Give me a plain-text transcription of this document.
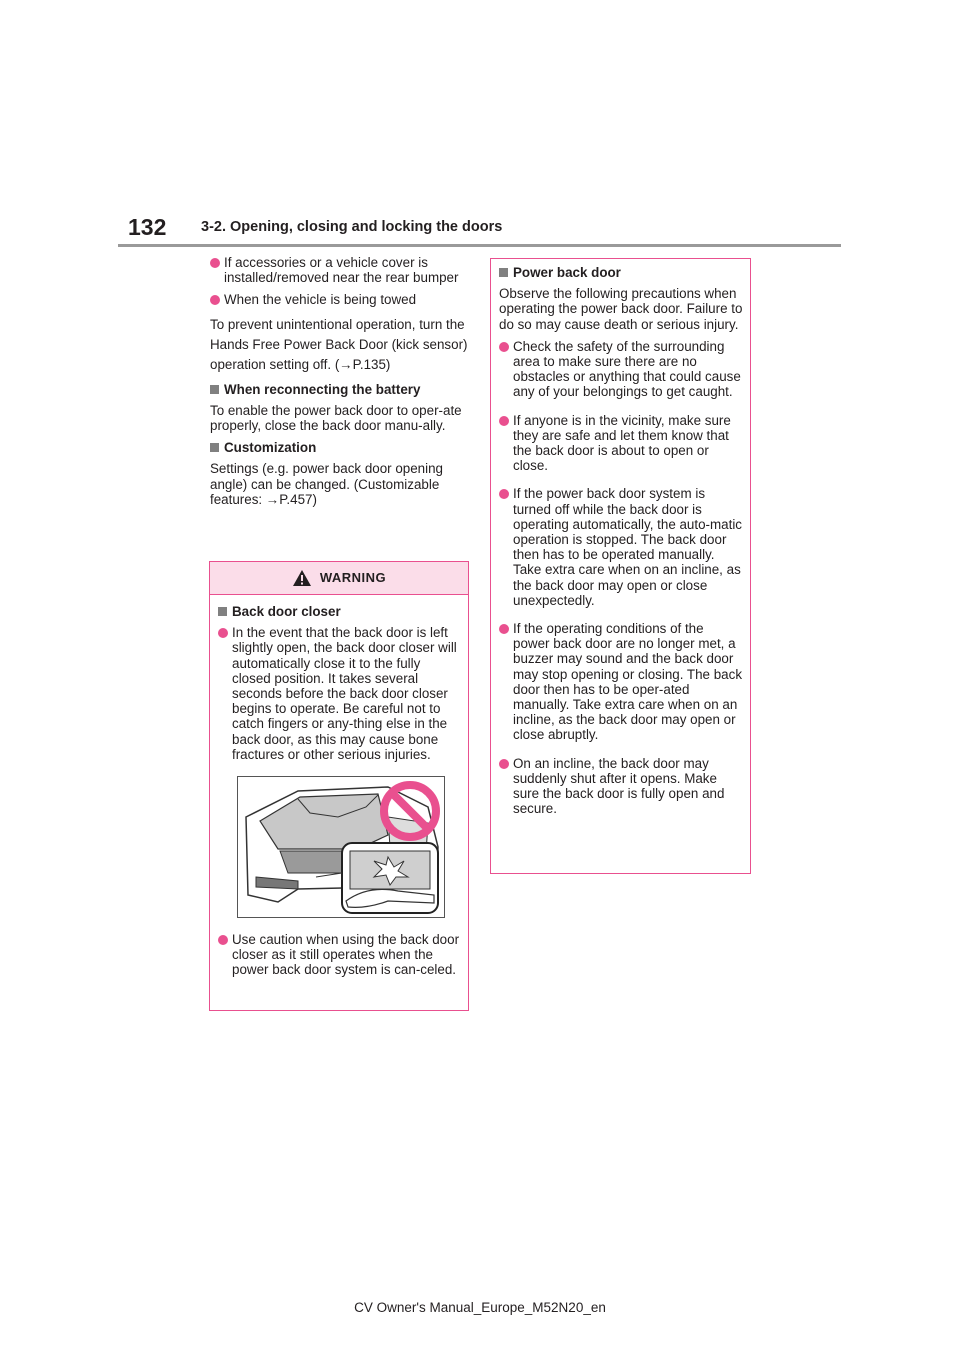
132 3-2. Opening, closing and locking the doors
If accessories or a vehicle cover is installed/removed near the rear bumper
When the vehicle is being towed

To prevent unintentional operation, turn the Hands Free Power Back Door (kick sensor) operation setting off. (→P.135)

When reconnecting the battery

To enable the power back door to oper-ate properly, close the back door manu-ally.

Customization

Settings (e.g. power back door opening angle) can be changed. (Customizable features: →P.457)

WARNING
Back door closer
In the event that the back door is left slightly open, the back door closer will automatically close it to the fully closed position. It takes several seconds before the back door closer begins to operate. Be careful not to catch fingers or any-thing else in the back door, as this may cause bone fractures or other serious injuries.
Use caution when using the back door closer as it still operates when the power back door system is can-celed.
Power back door

Observe the following precautions when operating the power back door. Failure to do so may cause death or serious injury.

Check the safety of the surrounding area to make sure there are no obstacles or anything that could cause any of your belongings to get caught.
If anyone is in the vicinity, make sure they are safe and let them know that the back door is about to open or close.
If the power back door system is turned off while the back door is operating automatically, the auto-matic operation is stopped. The back door then has to be operated manually. Take extra care when on an incline, as the back door may open or close unexpectedly.
If the operating conditions of the power back door are no longer met, a buzzer may sound and the back door may stop opening or closing. The back door then has to be oper-ated manually. Take extra care when on an incline, as the back door may open or close abruptly.
On an incline, the back door may suddenly shut after it opens. Make sure the back door is fully open and secure.
CV Owner's Manual_Europe_M52N20_en
